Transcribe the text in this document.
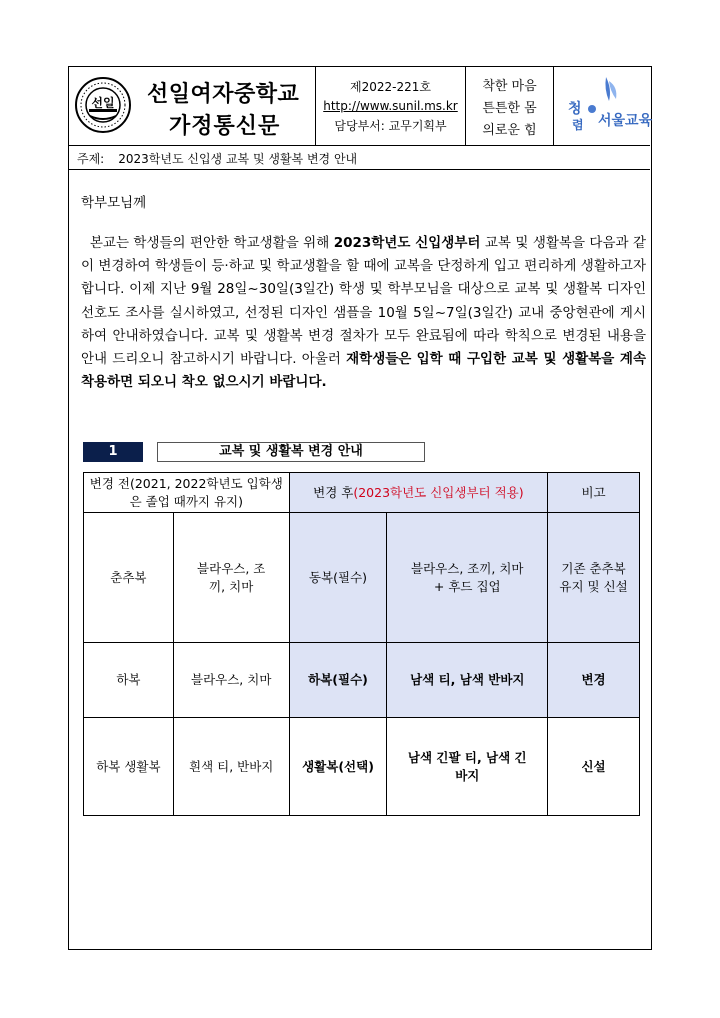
선일 선일여자중학교
가정통신문
제2022-221호
http://www.sunil.ms.kr
담당부서: 교무기획부
착한 마음
튼튼한 몸
의로운 힘
청
렴 서울교육
주제: 2023학년도 신입생 교복 및 생활복 변경 안내
학부모님께
본교는 학생들의 편안한 학교생활을 위해 2023학년도 신입생부터 교복 및 생활복을 다음과 같이 변경하여 학생들이 등·하교 및 학교생활을 할 때에 교복을 단정하게 입고 편리하게 생활하고자 합니다. 이제 지난 9월 28일~30일(3일간) 학생 및 학부모님을 대상으로 교복 및 생활복 디자인 선호도 조사를 실시하였고, 선정된 디자인 샘플을 10월 5일~7일(3일간) 교내 중앙현관에 게시하여 안내하였습니다. 교복 및 생활복 변경 절차가 모두 완료됨에 따라 학칙으로 변경된 내용을 안내 드리오니 참고하시기 바랍니다. 아울러 재학생들은 입학 때 구입한 교복 및 생활복을 계속 착용하면 되오니 착오 없으시기 바랍니다.
1	교복 및 생활복 변경 안내
변경 전(2021, 2022학년도 입학생은 졸업 때까지 유지)		변경 후(2023학년도 신입생부터 적용)		비고
춘추복	블라우스, 조끼, 치마	동복(필수)	블라우스, 조끼, 치마 + 후드 집업	기존 춘추복 유지 및 신설
하복	블라우스, 치마	하복(필수)	남색 티, 남색 반바지	변경
하복 생활복	흰색 티, 반바지	생활복(선택)	남색 긴팔 티, 남색 긴바지	신설
